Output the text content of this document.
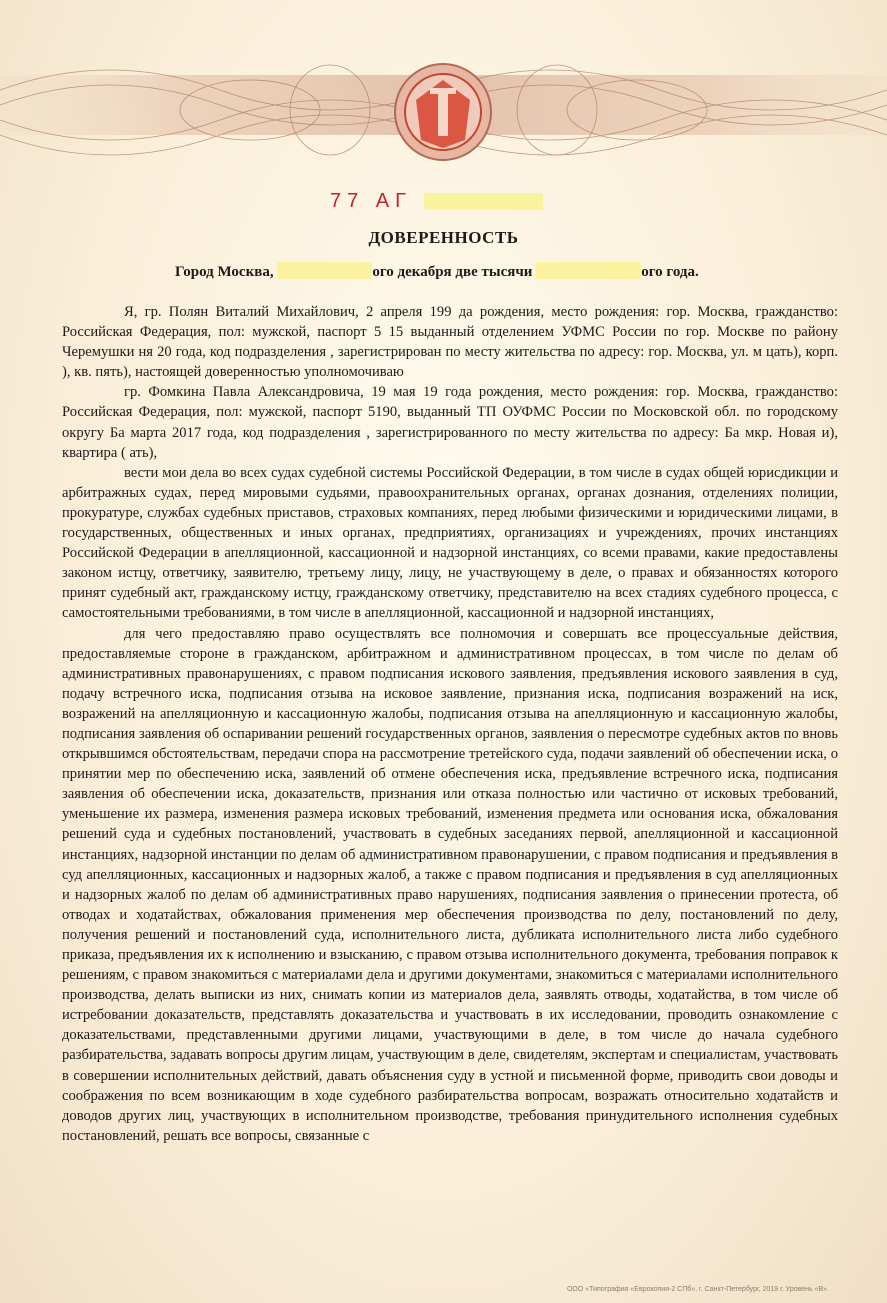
77 АГ
ДОВЕРЕННОСТЬ
Город Москва,	ого декабря две тысячи	ого года.

Я, гр. Полян Виталий Михайлович, 2 апреля 199 да рождения, место рождения: гор. Москва, гражданство: Российская Федерация, пол: мужской, паспорт 5 15 выданный отделением УФМС России по гор. Москве по району Черемушки ня 20 года, код подразделения , зарегистрирован по месту жительства по адресу: гор. Москва, ул. м цать), корп. ), кв. пять), настоящей доверенностью уполномочиваю

гр. Фомкина Павла Александровича, 19 мая 19 года рождения, место рождения: гор. Москва, гражданство: Российская Федерация, пол: мужской, паспорт 5190, выданный ТП ОУФМС России по Московской обл. по городскому округу Ба марта 2017 года, код подразделения , зарегистрированного по месту жительства по адресу: Ба мкр. Новая и), квартира ( ать),

вести мои дела во всех судах судебной системы Российской Федерации, в том числе в судах общей юрисдикции и арбитражных судах, перед мировыми судьями, правоохранительных органах, органах дознания, отделениях полиции, прокуратуре, службах судебных приставов, страховых компаниях, перед любыми физическими и юридическими лицами, в государственных, общественных и иных органах, предприятиях, организациях и учреждениях, прочих инстанциях Российской Федерации в апелляционной, кассационной и надзорной инстанциях, со всеми правами, какие предоставлены законом истцу, ответчику, заявителю, третьему лицу, лицу, не участвующему в деле, о правах и обязанностях которого принят судебный акт, гражданскому истцу, гражданскому ответчику, представителю на всех стадиях судебного процесса, с самостоятельными требованиями, в том числе в апелляционной, кассационной и надзорной инстанциях,

для чего предоставляю право осуществлять все полномочия и совершать все процессуальные действия, предоставляемые стороне в гражданском, арбитражном и административном процессах, в том числе по делам об административных правонарушениях, с правом подписания искового заявления, предъявления искового заявления в суд, подачу встречного иска, подписания отзыва на исковое заявление, признания иска, подписания возражений на иск, возражений на апелляционную и кассационную жалобы, подписания отзыва на апелляционную и кассационную жалобы, подписания заявления об оспаривании решений государственных органов, заявления о пересмотре судебных актов по вновь открывшимся обстоятельствам, передачи спора на рассмотрение третейского суда, подачи заявлений об обеспечении иска, о принятии мер по обеспечению иска, заявлений об отмене обеспечения иска, предъявление встречного иска, подписания заявления об обеспечении иска, доказательств, признания или отказа полностью или частично от исковых требований, уменьшение их размера, изменения размера исковых требований, изменения предмета или основания иска, обжалования решений суда и судебных постановлений, участвовать в судебных заседаниях первой, апелляционной и кассационной инстанциях, надзорной инстанции по делам об административном правонарушении, с правом подписания и предъявления в суд апелляционных, кассационных и надзорных жалоб, а также с правом подписания и предъявления в суд апелляционных и надзорных жалоб по делам об административных право нарушениях, подписания заявления о принесении протеста, об отводах и ходатайствах, обжалования применения мер обеспечения производства по делу, постановлений по делу, получения решений и постановлений суда, исполнительного листа, дубликата исполнительного листа либо судебного приказа, предъявления их к исполнению и взысканию, с правом отзыва исполнительного документа, требования поправок к решениям, с правом знакомиться с материалами дела и другими документами, знакомиться с материалами исполнительного производства, делать выписки из них, снимать копии из материалов дела, заявлять отводы, ходатайства, в том числе об истребовании доказательств, представлять доказательства и участвовать в их исследовании, проводить ознакомление с доказательствами, представленными другими лицами, участвующими в деле, в том числе до начала судебного разбирательства, задавать вопросы другим лицам, участвующим в деле, свидетелям, экспертам и специалистам, участвовать в совершении исполнительных действий, давать объяснения суду в устной и письменной форме, приводить свои доводы и соображения по всем возникающим в ходе судебного разбирательства вопросам, возражать относительно ходатайств и доводов других лиц, участвующих в исполнительном производстве, требования принудительного исполнения судебных постановлений, решать все вопросы, связанные с

ООО «Типография «Еврокопия-2 СПб», г. Санкт-Петербург, 2019 г. Уровень «В».
